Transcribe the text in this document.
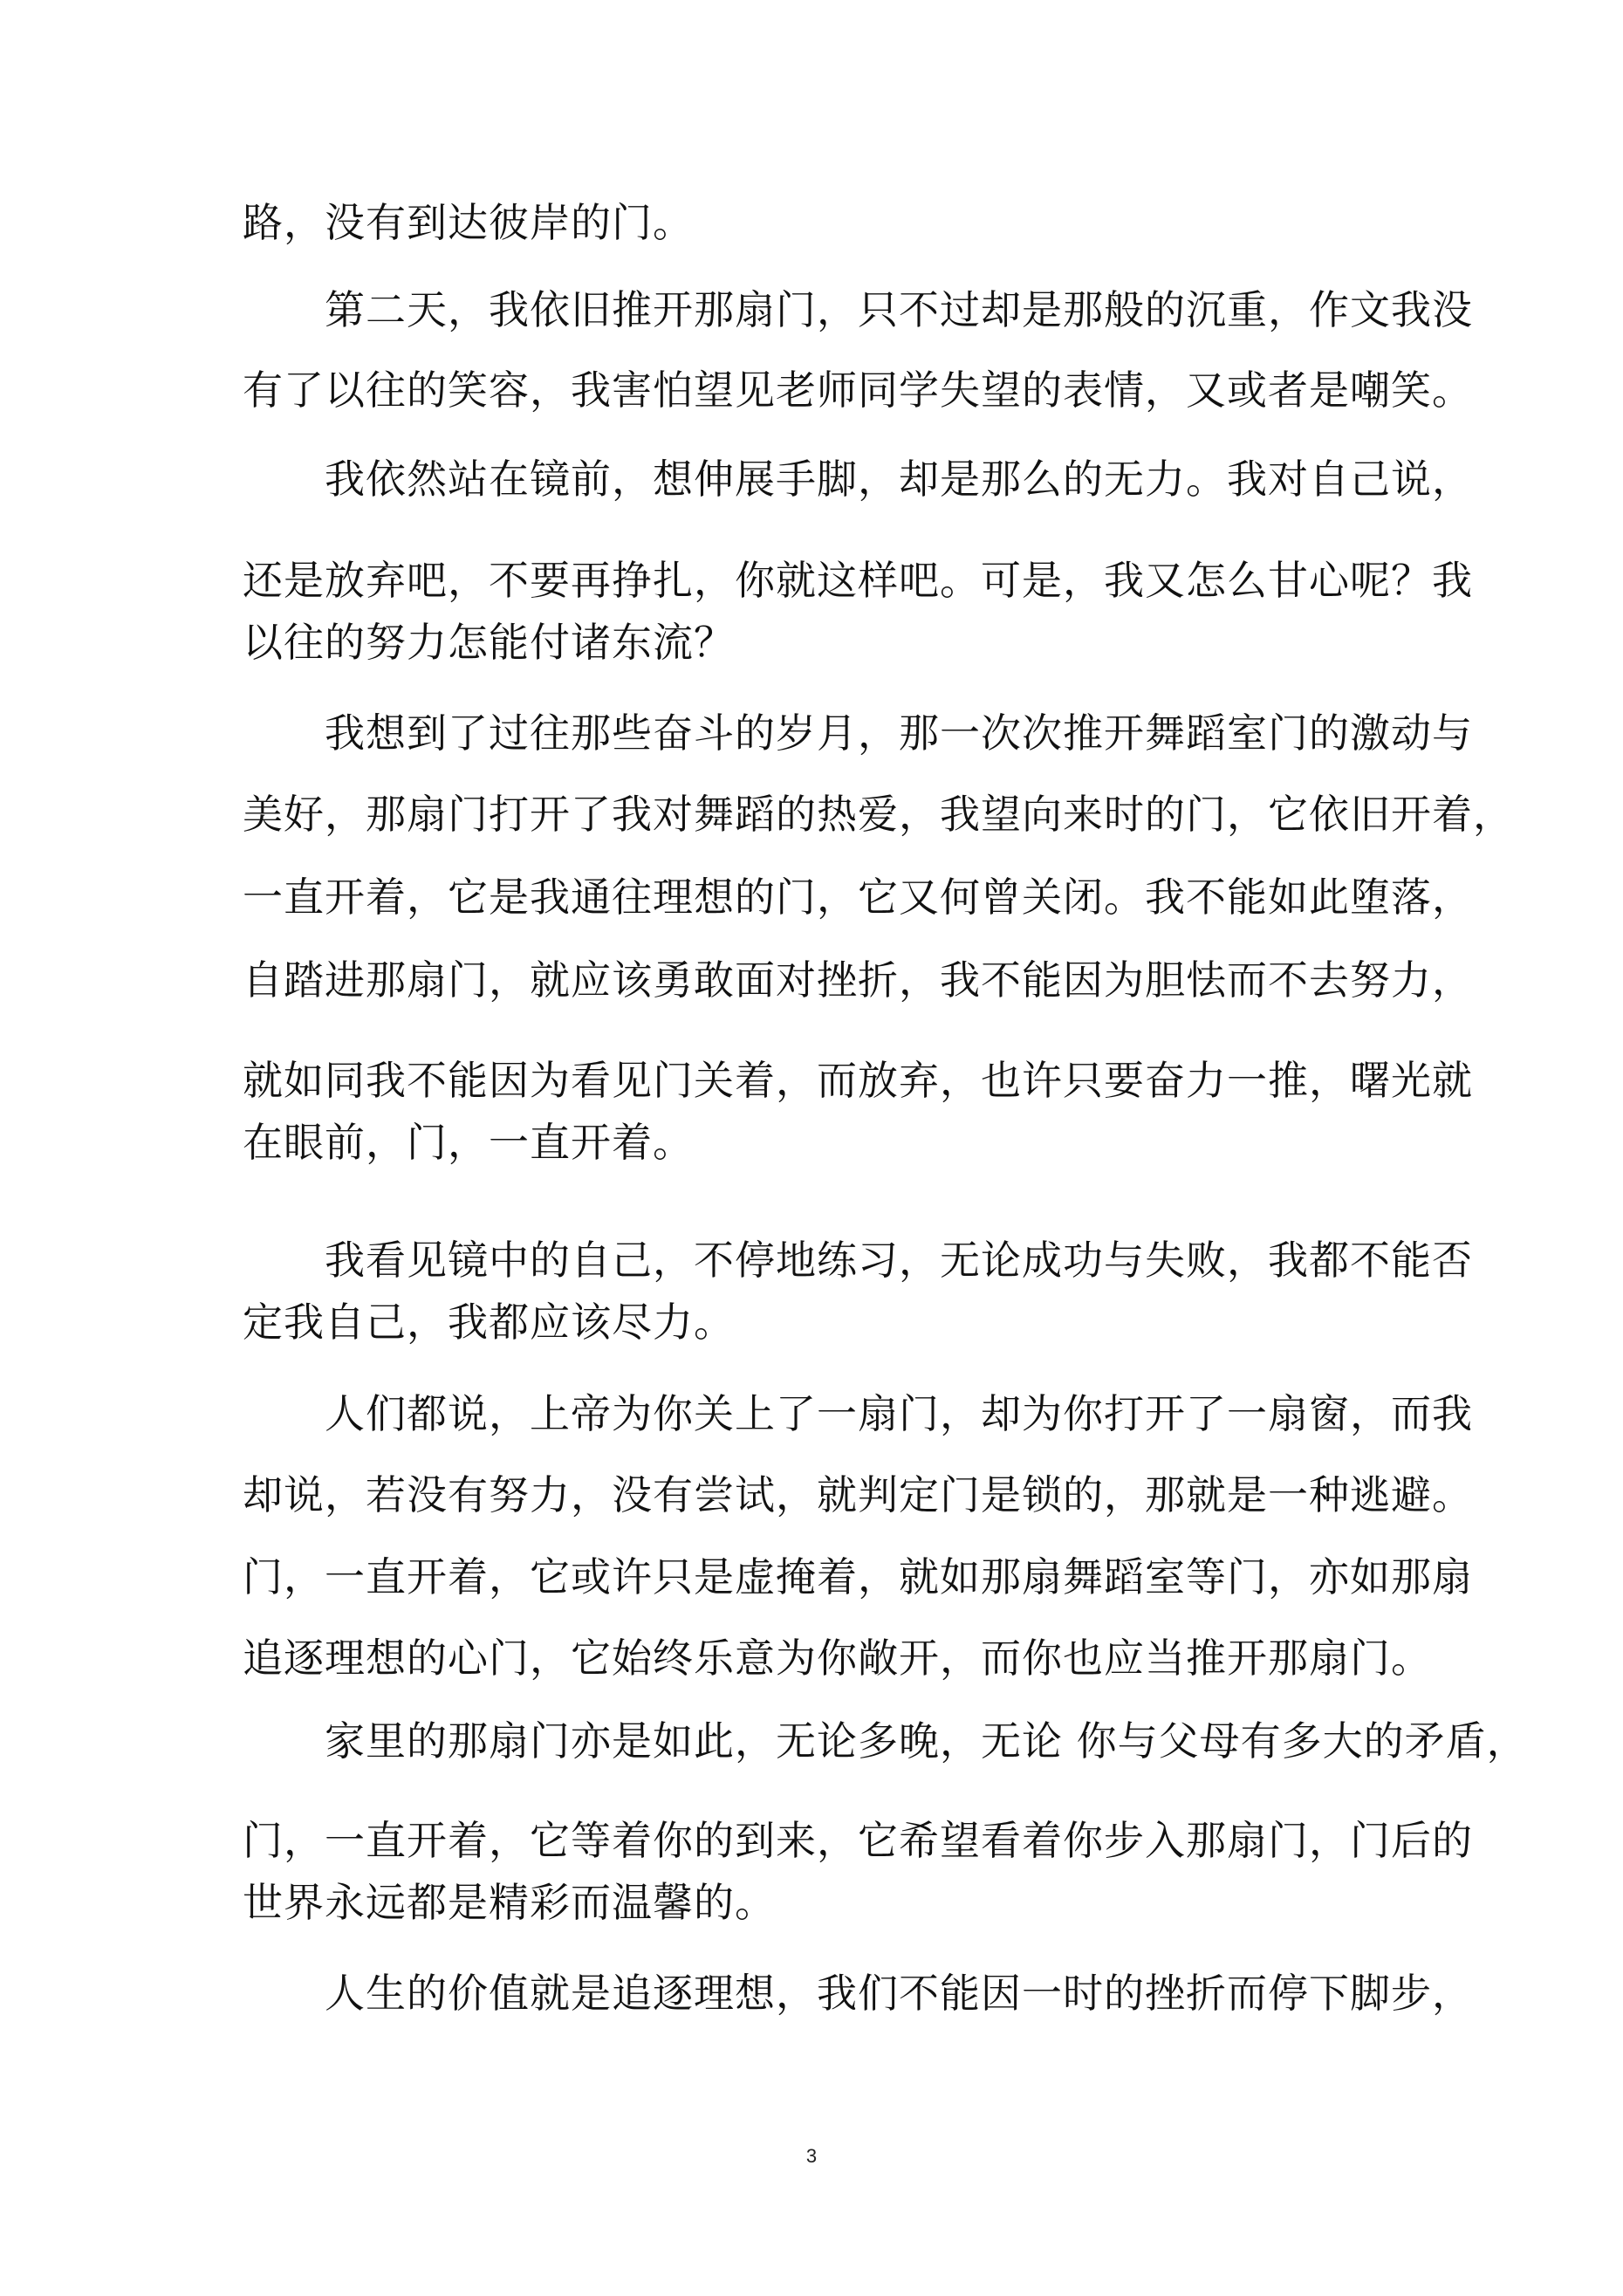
路，没有到达彼岸的门。

　　第二天，我依旧推开那扇门，只不过却是那般的沉重，作文我没

有了以往的笑容，我害怕望见老师同学失望的表情，又或者是嘲笑。

　　我依然站在镜前，想伸展手脚，却是那么的无力。我对自己说，

还是放弃吧，不要再挣扎，你就这样吧。可是，我又怎么甘心呢？我

以往的努力怎能付诸东流？

　　我想到了过往那些奋斗的岁月，那一次次推开舞蹈室门的激动与

美好，那扇门打开了我对舞蹈的热爱，我望向来时的门，它依旧开着，

一直开着，它是我通往理想的门，它又何曾关闭。我不能如此堕落，

自踏进那扇门，就应该勇敢面对挫折，我不能因为胆怯而不去努力，

就如同我不能因为看见门关着，而放弃，也许只要奋力一推，曙光就

在眼前，门，一直开着。

　　我看见镜中的自己，不停地练习，无论成功与失败，我都不能否

定我自己，我都应该尽力。

　　人们都说，上帝为你关上了一扇门，却为你打开了一扇窗，而我

却说，若没有努力，没有尝试，就判定门是锁的，那就是一种逃避。

门，一直开着，它或许只是虚掩着，就如那扇舞蹈室等门，亦如那扇

追逐理想的心门，它始终乐意为你敞开，而你也应当推开那扇门。

　　家里的那扇门亦是如此，无论多晚，无论 你与父母有多大的矛盾，

门，一直开着，它等着你的到来，它希望看着你步入那扇门，门后的

世界永远都是精彩而温馨的。

　　人生的价值就是追逐理想，我们不能因一时的挫折而停下脚步，

3
